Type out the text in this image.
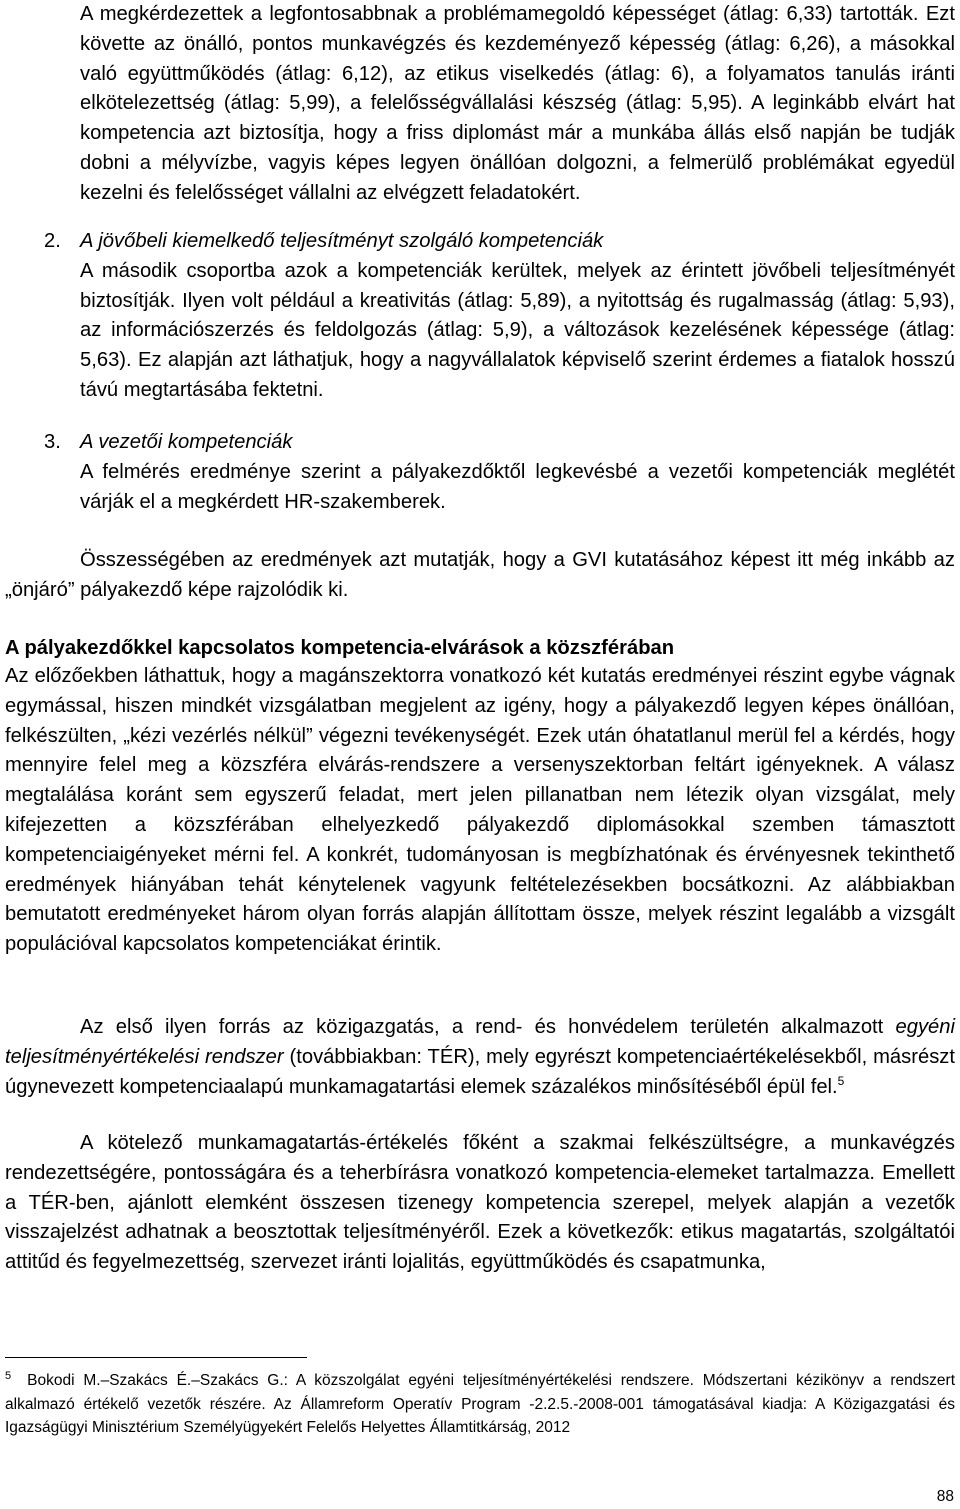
A megkérdezettek a legfontosabbnak a problémamegoldó képességet (átlag: 6,33) tartották. Ezt követte az önálló, pontos munkavégzés és kezdeményező képesség (átlag: 6,26), a másokkal való együttműködés (átlag: 6,12), az etikus viselkedés (átlag: 6), a folyamatos tanulás iránti elkötelezettség (átlag: 5,99), a felelősségvállalási készség (átlag: 5,95). A leginkább elvárt hat kompetencia azt biztosítja, hogy a friss diplomást már a munkába állás első napján be tudják dobni a mélyvízbe, vagyis képes legyen önállóan dolgozni, a felmerülő problémákat egyedül kezelni és felelősséget vállalni az elvégzett feladatokért.
2. A jövőbeli kiemelkedő teljesítményt szolgáló kompetenciák
A második csoportba azok a kompetenciák kerültek, melyek az érintett jövőbeli teljesítményét biztosítják. Ilyen volt például a kreativitás (átlag: 5,89), a nyitottság és rugalmasság (átlag: 5,93), az információszerzés és feldolgozás (átlag: 5,9), a változások kezelésének képessége (átlag: 5,63). Ez alapján azt láthatjuk, hogy a nagyvállalatok képviselő szerint érdemes a fiatalok hosszú távú megtartásába fektetni.
3. A vezetői kompetenciák
A felmérés eredménye szerint a pályakezdőktől legkevésbé a vezetői kompetenciák meglétét várják el a megkérdett HR-szakemberek.
Összességében az eredmények azt mutatják, hogy a GVI kutatásához képest itt még inkább az „önjáró” pályakezdő képe rajzolódik ki.
A pályakezdőkkel kapcsolatos kompetencia-elvárások a közszférában
Az előzőekben láthattuk, hogy a magánszektorra vonatkozó két kutatás eredményei részint egybe vágnak egymással, hiszen mindkét vizsgálatban megjelent az igény, hogy a pályakezdő legyen képes önállóan, felkészülten, „kézi vezérlés nélkül” végezni tevékenységét. Ezek után óhatatlanul merül fel a kérdés, hogy mennyire felel meg a közszféra elvárás-rendszere a versenyszektorban feltárt igényeknek. A válasz megtalálása koránt sem egyszerű feladat, mert jelen pillanatban nem létezik olyan vizsgálat, mely kifejezetten a közszférában elhelyezkedő pályakezdő diplomásokkal szemben támasztott kompetenciaigényeket mérni fel. A konkrét, tudományosan is megbízhatónak és érvényesnek tekinthető eredmények hiányában tehát kénytelenek vagyunk feltételezésekben bocsátkozni. Az alábbiakban bemutatott eredményeket három olyan forrás alapján állítottam össze, melyek részint legalább a vizsgált populációval kapcsolatos kompetenciákat érintik.
Az első ilyen forrás az közigazgatás, a rend- és honvédelem területén alkalmazott egyéni teljesítményértékelési rendszer (továbbiakban: TÉR), mely egyrészt kompetenciaértékelésekből, másrészt úgynevezett kompetenciaalapú munkamagatartási elemek százalékos minősítéséből épül fel.$^5$
A kötelező munkamagatartás-értékelés főként a szakmai felkészültségre, a munkavégzés rendezettségére, pontosságára és a teherbírásra vonatkozó kompetencia-elemeket tartalmazza. Emellett a TÉR-ben, ajánlott elemként összesen tizenegy kompetencia szerepel, melyek alapján a vezetők visszajelzést adhatnak a beosztottak teljesítményéről. Ezek a következők: etikus magatartás, szolgáltatói attitűd és fegyelmezettség, szervezet iránti lojalitás, együttműködés és csapatmunka,
$^5$ Bokodi M.–Szakács É.–Szakács G.: A közszolgálat egyéni teljesítményértékelési rendszere. Módszertani kézikönyv a rendszert alkalmazó értékelő vezetők részére. Az Államreform Operatív Program -2.2.5.-2008-001 támogatásával kiadja: A Közigazgatási és Igazságügyi Minisztérium Személyügyekért Felelős Helyettes Államtitkárság, 2012
88
